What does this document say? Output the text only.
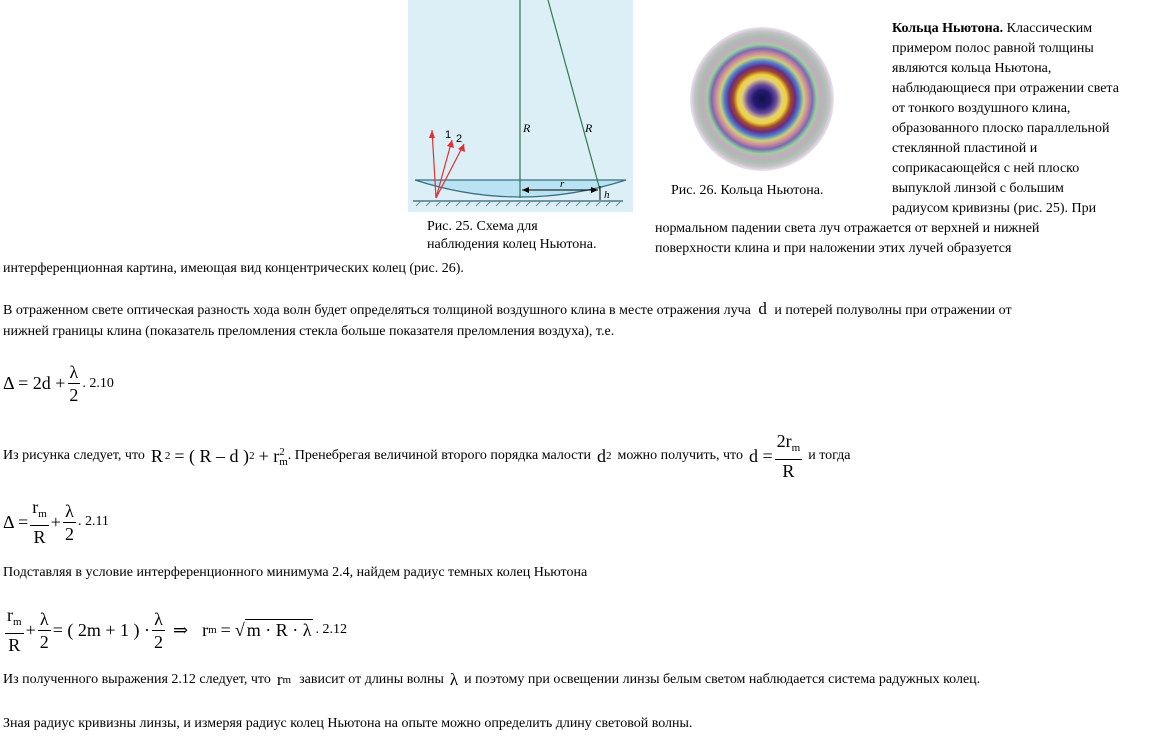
1 2
R	R
r
h
Рис. 25. Схема для
наблюдения колец Ньютона.
Рис. 26. Кольца Ньютона.
Кольца Ньютона. Классическим
примером полос равной толщины
являются кольца Ньютона,
наблюдающиеся при отражении света
от тонкого воздушного клина,
образованного плоско параллельной
стеклянной пластиной и
соприкасающейся с ней плоско
выпуклой линзой с большим
радиусом кривизны (рис. 25). При
нормальном падении света луч отражается от верхней и нижней
поверхности клина и при наложении этих лучей образуется
интерференционная картина, имеющая вид концентрических колец (рис. 26).
В отраженном свете оптическая разность хода волн будет определяться толщиной воздушного клина в месте отражения луча d и потерей полуволны при отражении от
нижней границы клина (показатель преломления стекла больше показателя преломления воздуха), т.е.
$\Delta = 2d + \frac{\lambda}{2}$ . 2.10
Из рисунка следует, что R 2 = ( R – d ) 2 + r 2
m . Пренебрегая величиной второго порядка малости d 2 можно получить, что $d = \frac{2r_m}{R}$ и тогда
$\Delta = \frac{r_m}{R} + \frac{\lambda}{2}$ . 2.11
Подставляя в условие интерференционного минимума 2.4, найдем радиус темных колец Ньютона
$\frac{r_m}{R} + \frac{\lambda}{2}$ = ( 2m + 1 ) · $\frac{\lambda}{2}$ ⇒ r m = √ m · R · λ . 2.12
Из полученного выражения 2.12 следует, что r m зависит от длины волны λ и поэтому при освещении линзы белым светом наблюдается система радужных колец.
Зная радиус кривизны линзы, и измеряя радиус колец Ньютона на опыте можно определить длину световой волны.
